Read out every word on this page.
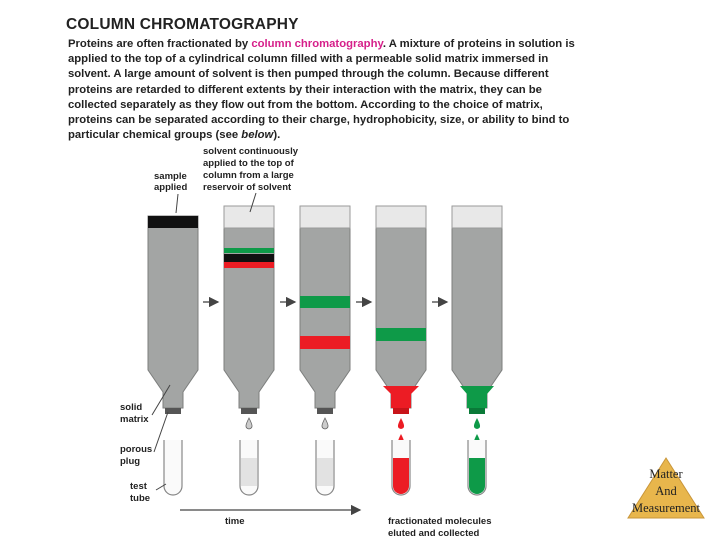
COLUMN CHROMATOGRAPHY
Proteins are often fractionated by column chromatography. A mixture of proteins in solution is applied to the top of a cylindrical column filled with a permeable solid matrix immersed in solvent. A large amount of solvent is then pumped through the column. Because different proteins are retarded to different extents by their interaction with the matrix, they can be collected separately as they flow out from the bottom. According to the choice of matrix, proteins can be separated according to their charge, hydrophobicity, size, or ability to bind to particular chemical groups (see below).
time
sample applied
solvent continuously applied to the top of column from a large reservoir of solvent
solid matrix
porous plug
test tube
fractionated molecules eluted and collected
Matter
And
Measurement
